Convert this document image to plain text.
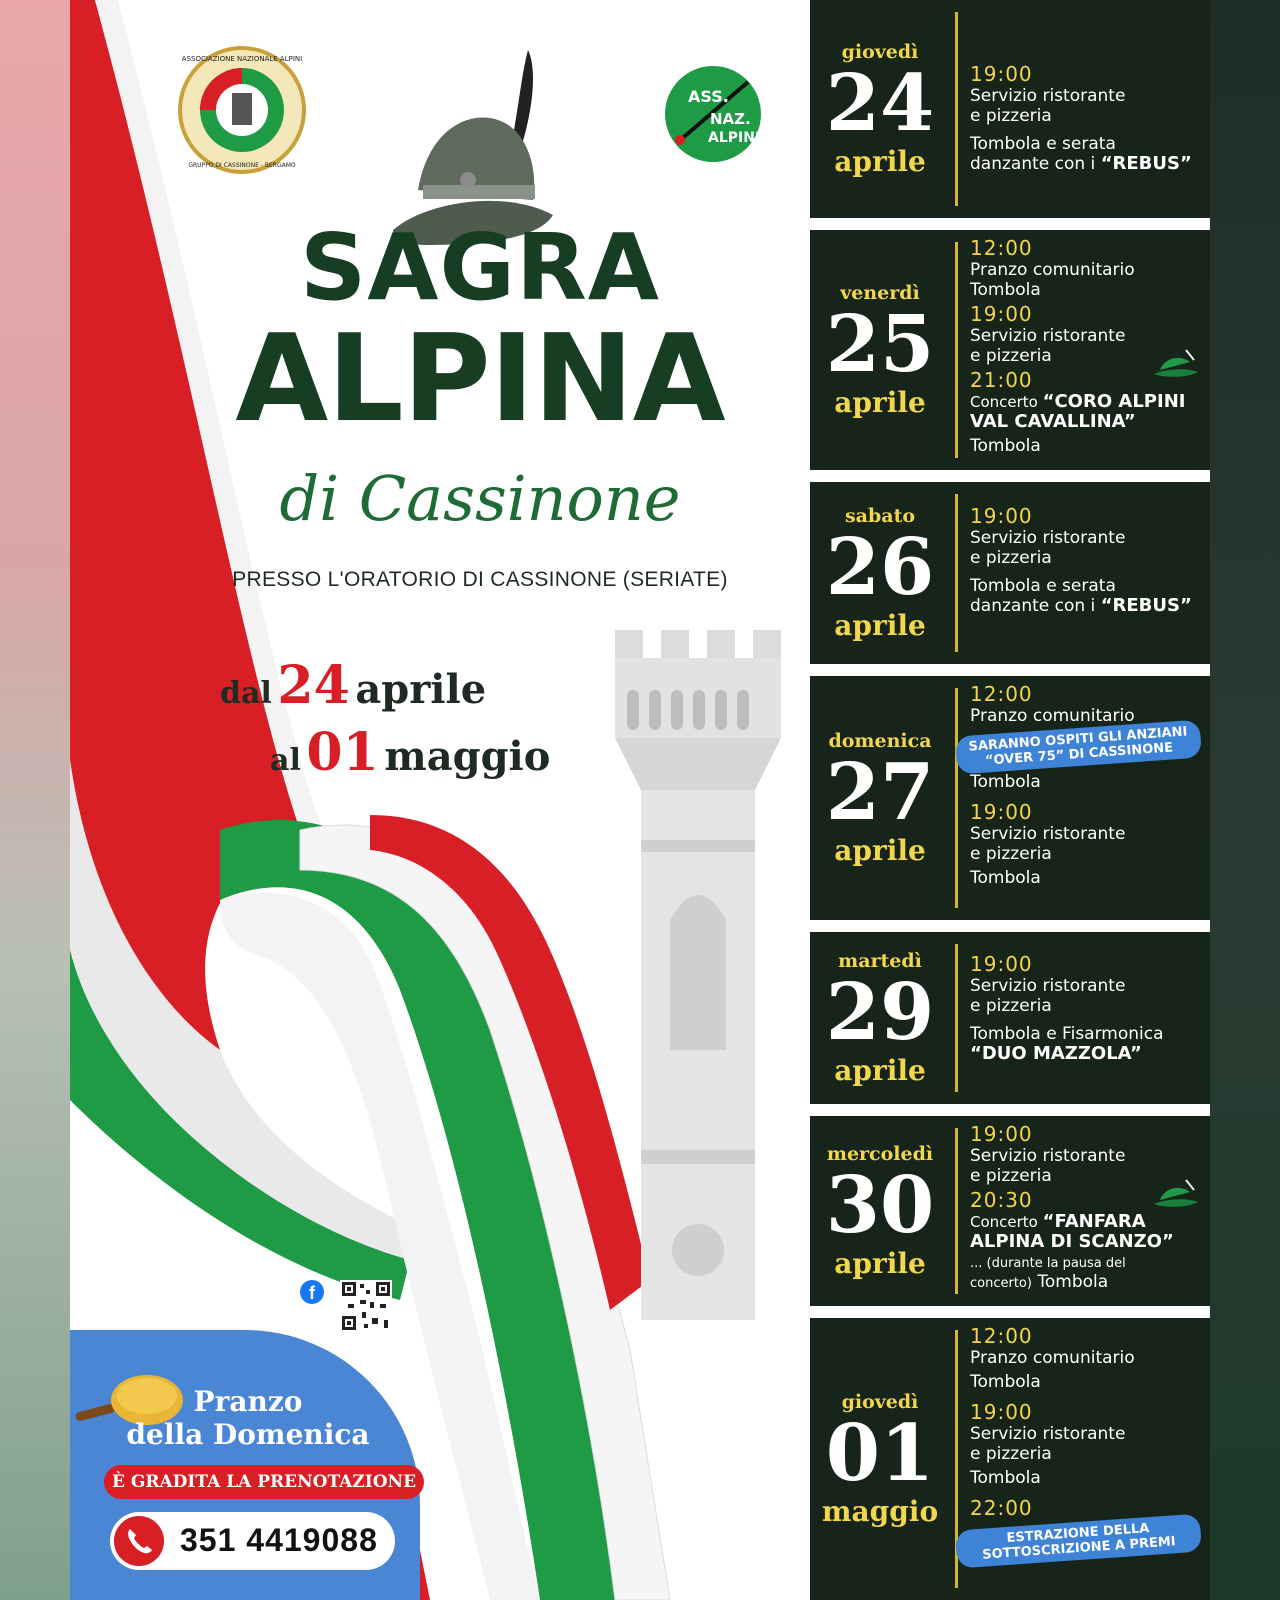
ASSOCIAZIONE NAZIONALE ALPINI
GRUPPO DI CASSINONE - BERGAMO
ASS.
NAZ.
ALPINI
SAGRA
ALPINA
di Cassinone
PRESSO L'ORATORIO DI CASSINONE (SERIATE)
dal 24 aprile
al 01 maggio
f
Pranzo
della Domenica
È GRADITA LA PRENOTAZIONE
351 4419088
giovedì
24
aprile
19:00
Servizio ristorante
e pizzeria
Tombola e serata
danzante con i “REBUS”
venerdì
25
aprile
12:00
Pranzo comunitario
Tombola
19:00
Servizio ristorante
e pizzeria
21:00
Concerto “CORO ALPINI
VAL CAVALLINA”
Tombola
sabato
26
aprile
19:00
Servizio ristorante
e pizzeria
Tombola e serata
danzante con i “REBUS”
domenica
27
aprile
12:00
Pranzo comunitario
SARANNO OSPITI GLI ANZIANI “OVER 75” DI CASSINONE
Tombola
19:00
Servizio ristorante
e pizzeria
Tombola
martedì
29
aprile
19:00
Servizio ristorante
e pizzeria
Tombola e Fisarmonica
“DUO MAZZOLA”
mercoledì
30
aprile
19:00
Servizio ristorante
e pizzeria
20:30
Concerto “FANFARA
ALPINA DI SCANZO”
... (durante la pausa del
concerto) Tombola
giovedì
01
maggio
12:00
Pranzo comunitario
Tombola
19:00
Servizio ristorante
e pizzeria
Tombola
22:00
ESTRAZIONE DELLA SOTTOSCRIZIONE A PREMI
